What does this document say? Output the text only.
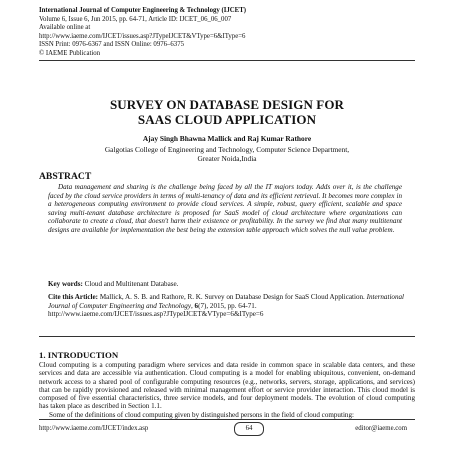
International Journal of Computer Engineering & Technology (IJCET)
Volume 6, Issue 6, Jun 2015, pp. 64-71, Article ID: IJCET_06_06_007
Available online at
http://www.iaeme.com/IJCET/issues.asp?JTypeIJCET&VType=6&IType=6
ISSN Print: 0976-6367 and ISSN Online: 0976–6375
© IAEME Publication
SURVEY ON DATABASE DESIGN FOR
SAAS CLOUD APPLICATION
Ajay Singh Bhawna Mallick and Raj Kumar Rathore
Galgotias College of Engineering and Technology, Computer Science Department,
Greater Noida,India
ABSTRACT
Data management and sharing is the challenge being faced by all the IT majors today. Adds over it, is the challenge faced by the cloud service providers in terms of multi-tenancy of data and its efficient retrieval. It becomes more complex in a heterogeneous computing environment to provide cloud services. A simple, robust, query efficient, scalable and space saving multi-tenant database architecture is proposed for SaaS model of cloud architecture where organizations can collaborate to create a cloud, that doesn't harm their existence or profitability. In the survey we find that many multitenant designs are available for implementation the best being the extension table approach which solves the null value problem.
Key words: Cloud and Multitenant Database.
Cite this Article: Mallick, A. S. B. and Rathore, R. K. Survey on Database Design for SaaS Cloud Application. International Journal of Computer Engineering and Technology, 6(7), 2015, pp. 64-71.
http://www.iaeme.com/IJCET/issues.asp?JTypeIJCET&VType=6&IType=6
1. INTRODUCTION

Cloud computing is a computing paradigm where services and data reside in common space in scalable data centers, and these services and data are accessible via authentication. Cloud computing is a model for enabling ubiquitous, convenient, on-demand network access to a shared pool of configurable computing resources (e.g., networks, servers, storage, applications, and services) that can be rapidly provisioned and released with minimal management effort or service provider interaction. This cloud model is composed of five essential characteristics, three service models, and four deployment models. The evolution of cloud computing has taken place as described in Section 1.1.

Some of the definitions of cloud computing given by distinguished persons in the field of cloud computing:

http://www.iaeme.com/IJCET/index.asp	64	editor@iaeme.com
